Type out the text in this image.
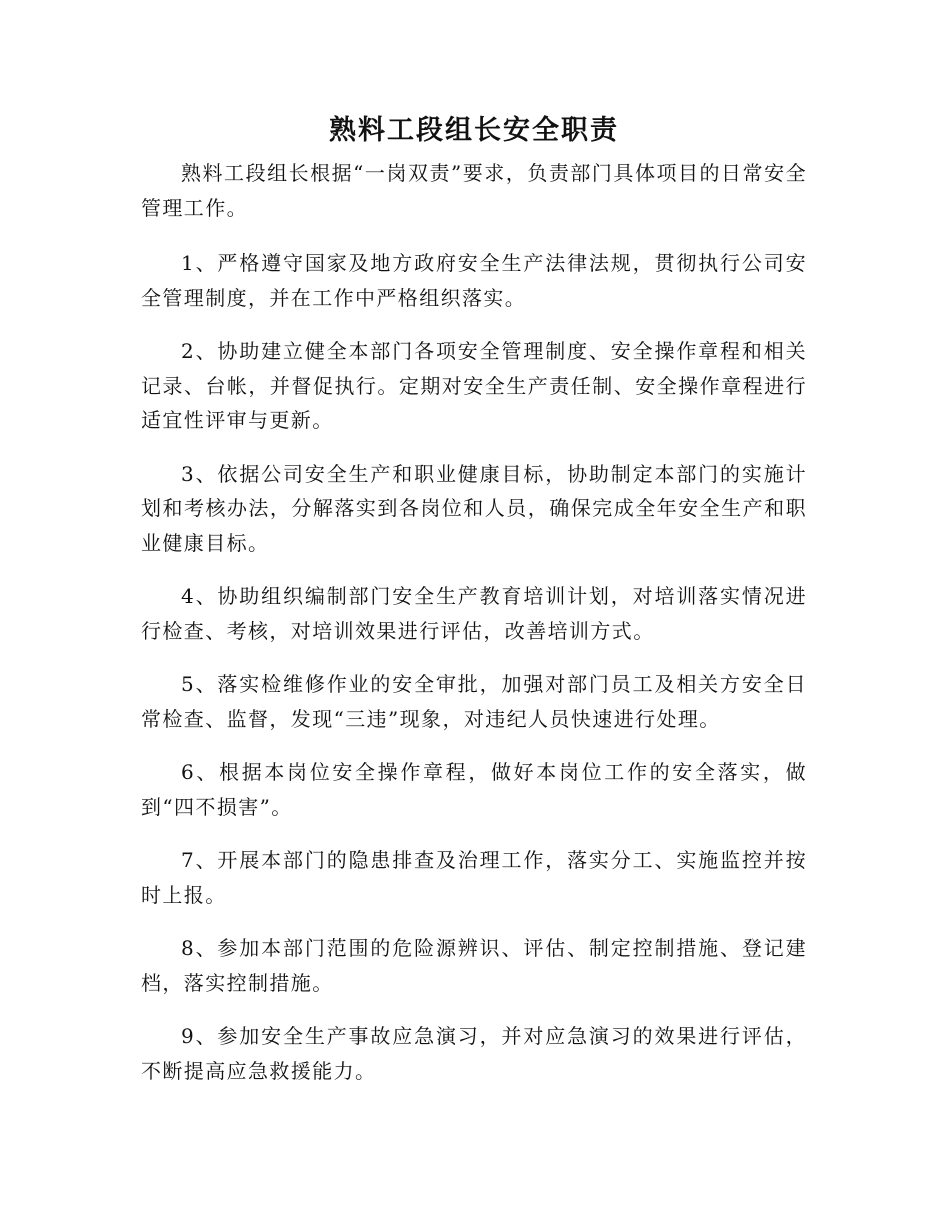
熟料工段组长安全职责

熟料工段组长根据“一岗双责”要求，负责部门具体项目的日常安全管理工作。

1、严格遵守国家及地方政府安全生产法律法规，贯彻执行公司安全管理制度，并在工作中严格组织落实。

2、协助建立健全本部门各项安全管理制度、安全操作章程和相关记录、台帐，并督促执行。定期对安全生产责任制、安全操作章程进行适宜性评审与更新。

3、依据公司安全生产和职业健康目标，协助制定本部门的实施计划和考核办法，分解落实到各岗位和人员，确保完成全年安全生产和职业健康目标。

4、协助组织编制部门安全生产教育培训计划，对培训落实情况进行检查、考核，对培训效果进行评估，改善培训方式。

5、落实检维修作业的安全审批，加强对部门员工及相关方安全日常检查、监督，发现“三违”现象，对违纪人员快速进行处理。

6、根据本岗位安全操作章程，做好本岗位工作的安全落实，做到“四不损害”。

7、开展本部门的隐患排查及治理工作，落实分工、实施监控并按时上报。

8、参加本部门范围的危险源辨识、评估、制定控制措施、登记建档，落实控制措施。

9、参加安全生产事故应急演习，并对应急演习的效果进行评估，不断提高应急救援能力。
